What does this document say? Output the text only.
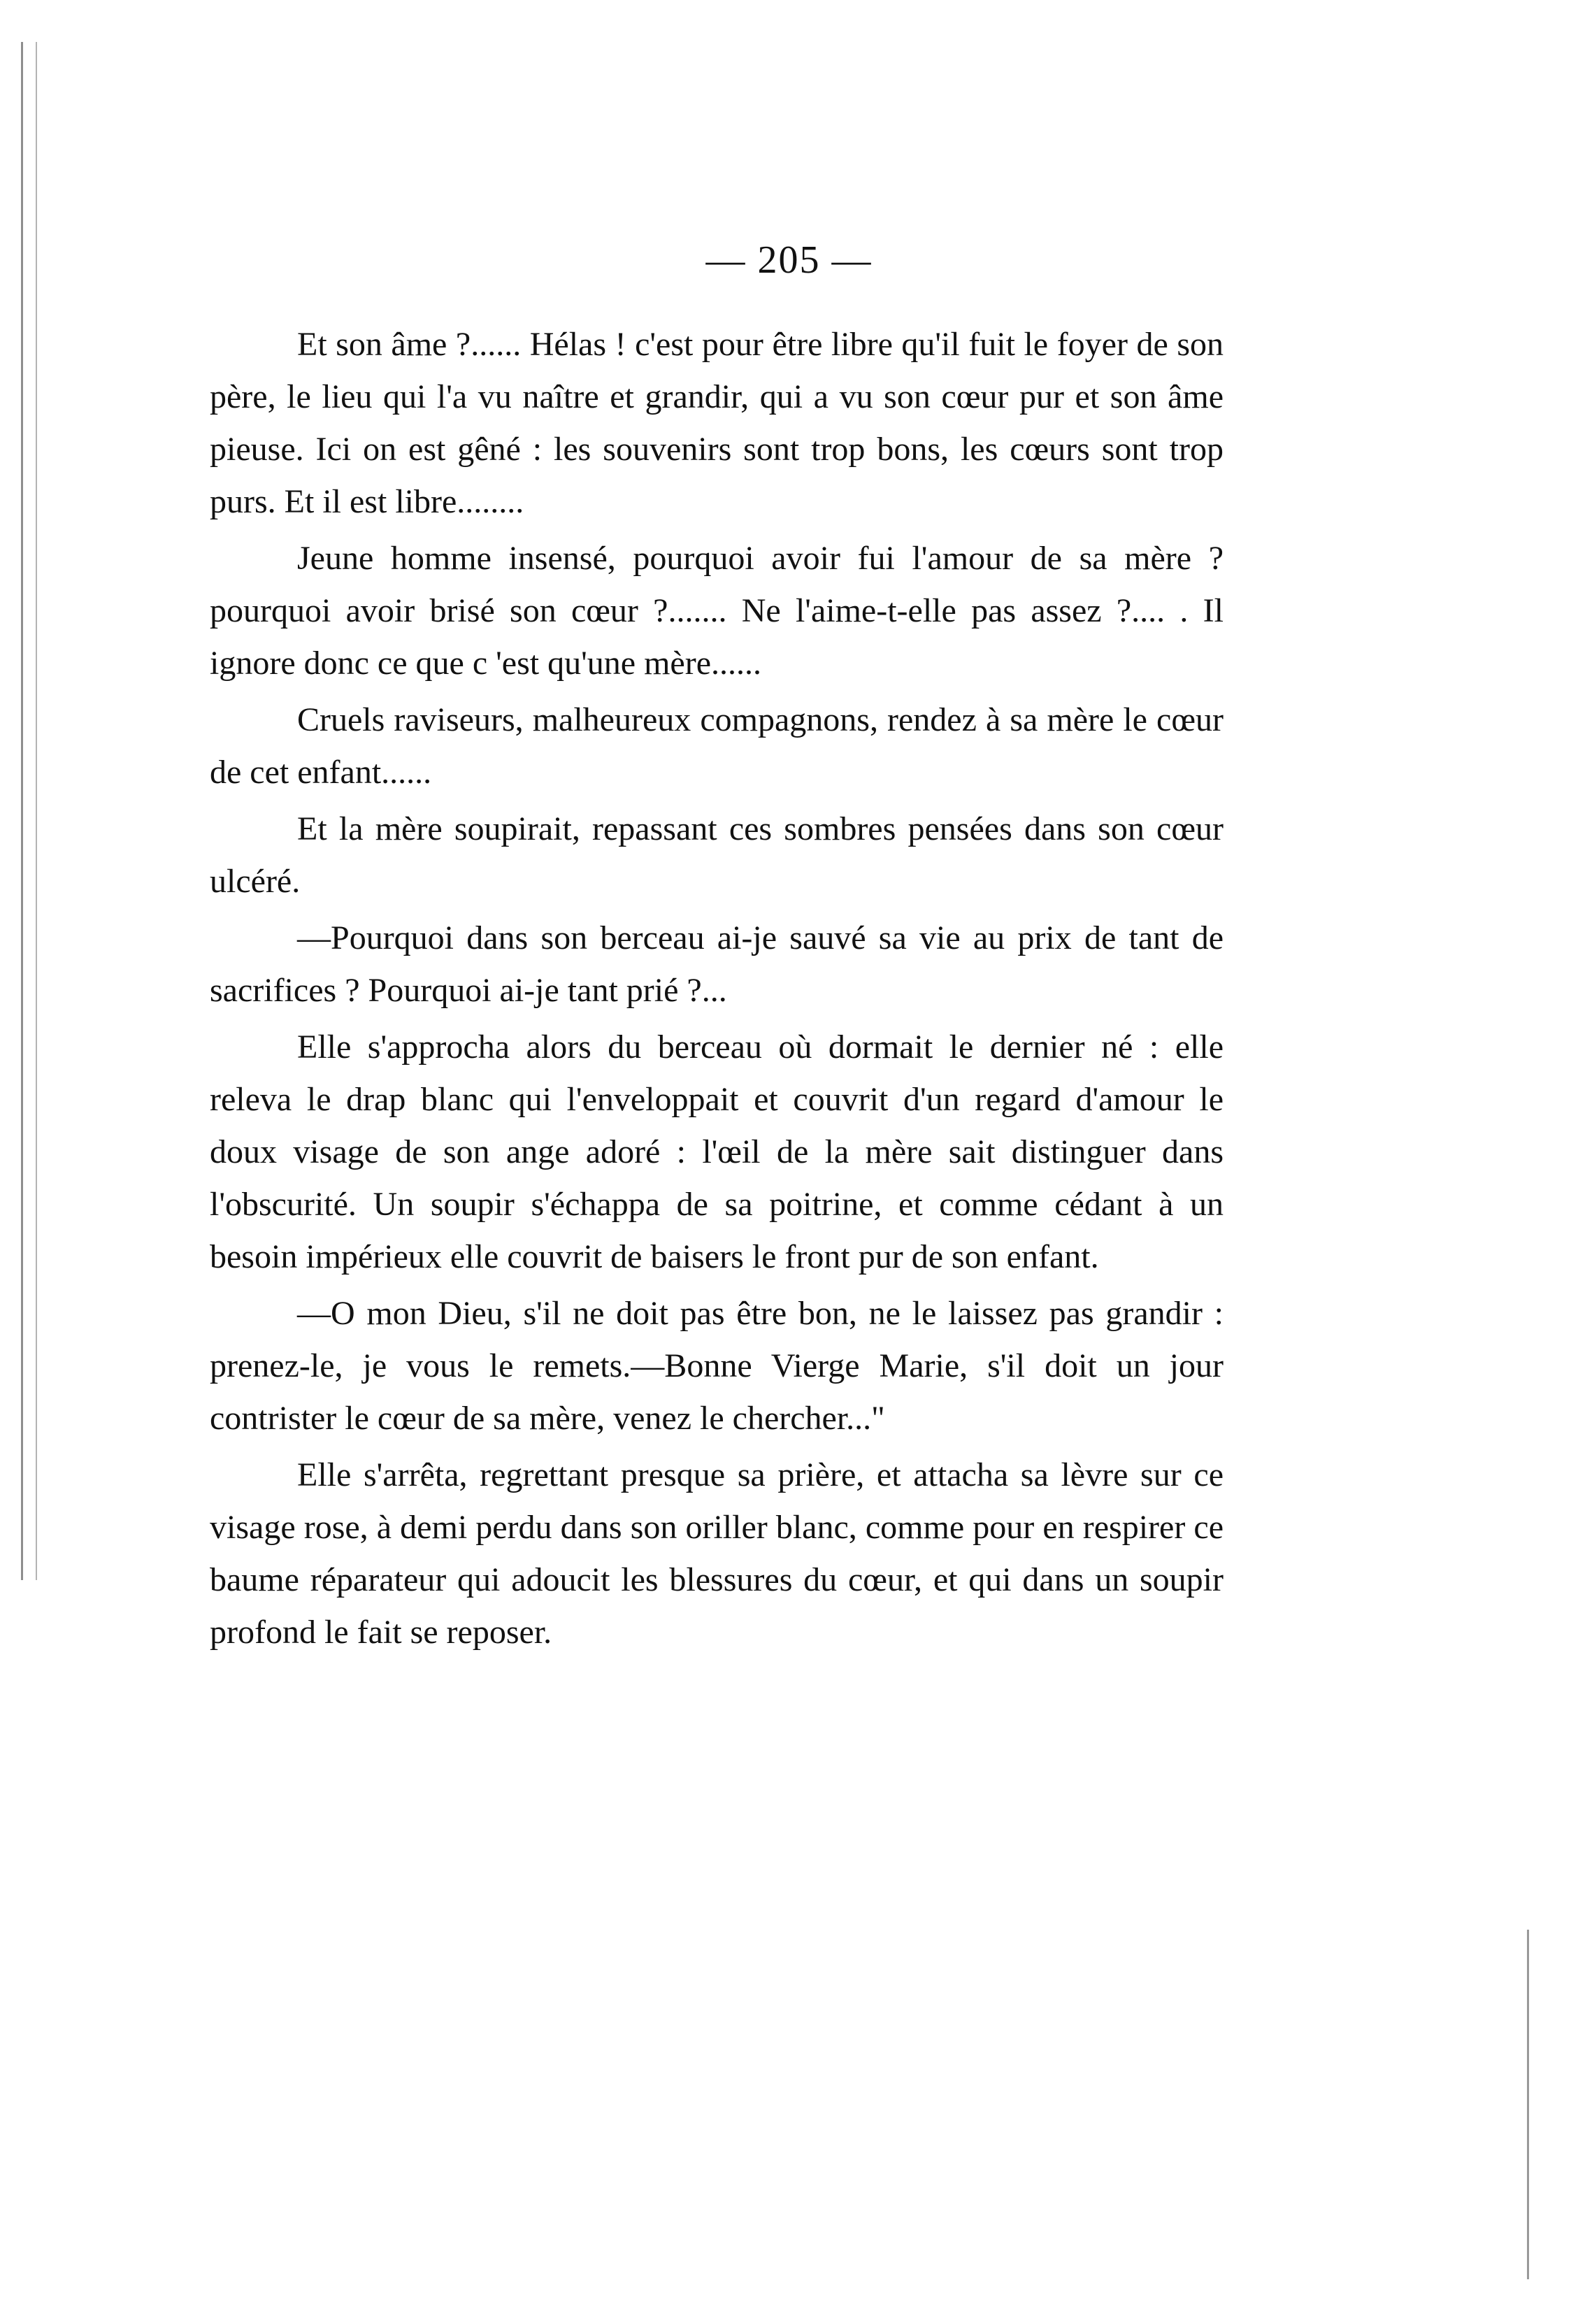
— 205 —

Et son âme ?...... Hélas ! c'est pour être libre qu'il fuit le foyer de son père, le lieu qui l'a vu naître et grandir, qui a vu son cœur pur et son âme pieuse. Ici on est gêné : les souvenirs sont trop bons, les cœurs sont trop purs. Et il est libre........

Jeune homme insensé, pourquoi avoir fui l'amour de sa mère ? pourquoi avoir brisé son cœur ?....... Ne l'aime-t-elle pas assez ?.... . Il ignore donc ce que c 'est qu'une mère......

Cruels raviseurs, malheureux compagnons, rendez à sa mère le cœur de cet enfant......

Et la mère soupirait, repassant ces sombres pensées dans son cœur ulcéré.

—Pourquoi dans son berceau ai-je sauvé sa vie au prix de tant de sacrifices ? Pourquoi ai-je tant prié ?...

Elle s'approcha alors du berceau où dormait le dernier né : elle releva le drap blanc qui l'enveloppait et couvrit d'un regard d'amour le doux visage de son ange adoré : l'œil de la mère sait distinguer dans l'obscurité. Un soupir s'échappa de sa poitrine, et comme cédant à un besoin impérieux elle couvrit de baisers le front pur de son enfant.

—O mon Dieu, s'il ne doit pas être bon, ne le laissez pas grandir : prenez-le, je vous le remets.—Bonne Vierge Marie, s'il doit un jour contrister le cœur de sa mère, venez le chercher..."

Elle s'arrêta, regrettant presque sa prière, et attacha sa lèvre sur ce visage rose, à demi perdu dans son oriller blanc, comme pour en respirer ce baume réparateur qui adoucit les blessures du cœur, et qui dans un soupir profond le fait se reposer.
